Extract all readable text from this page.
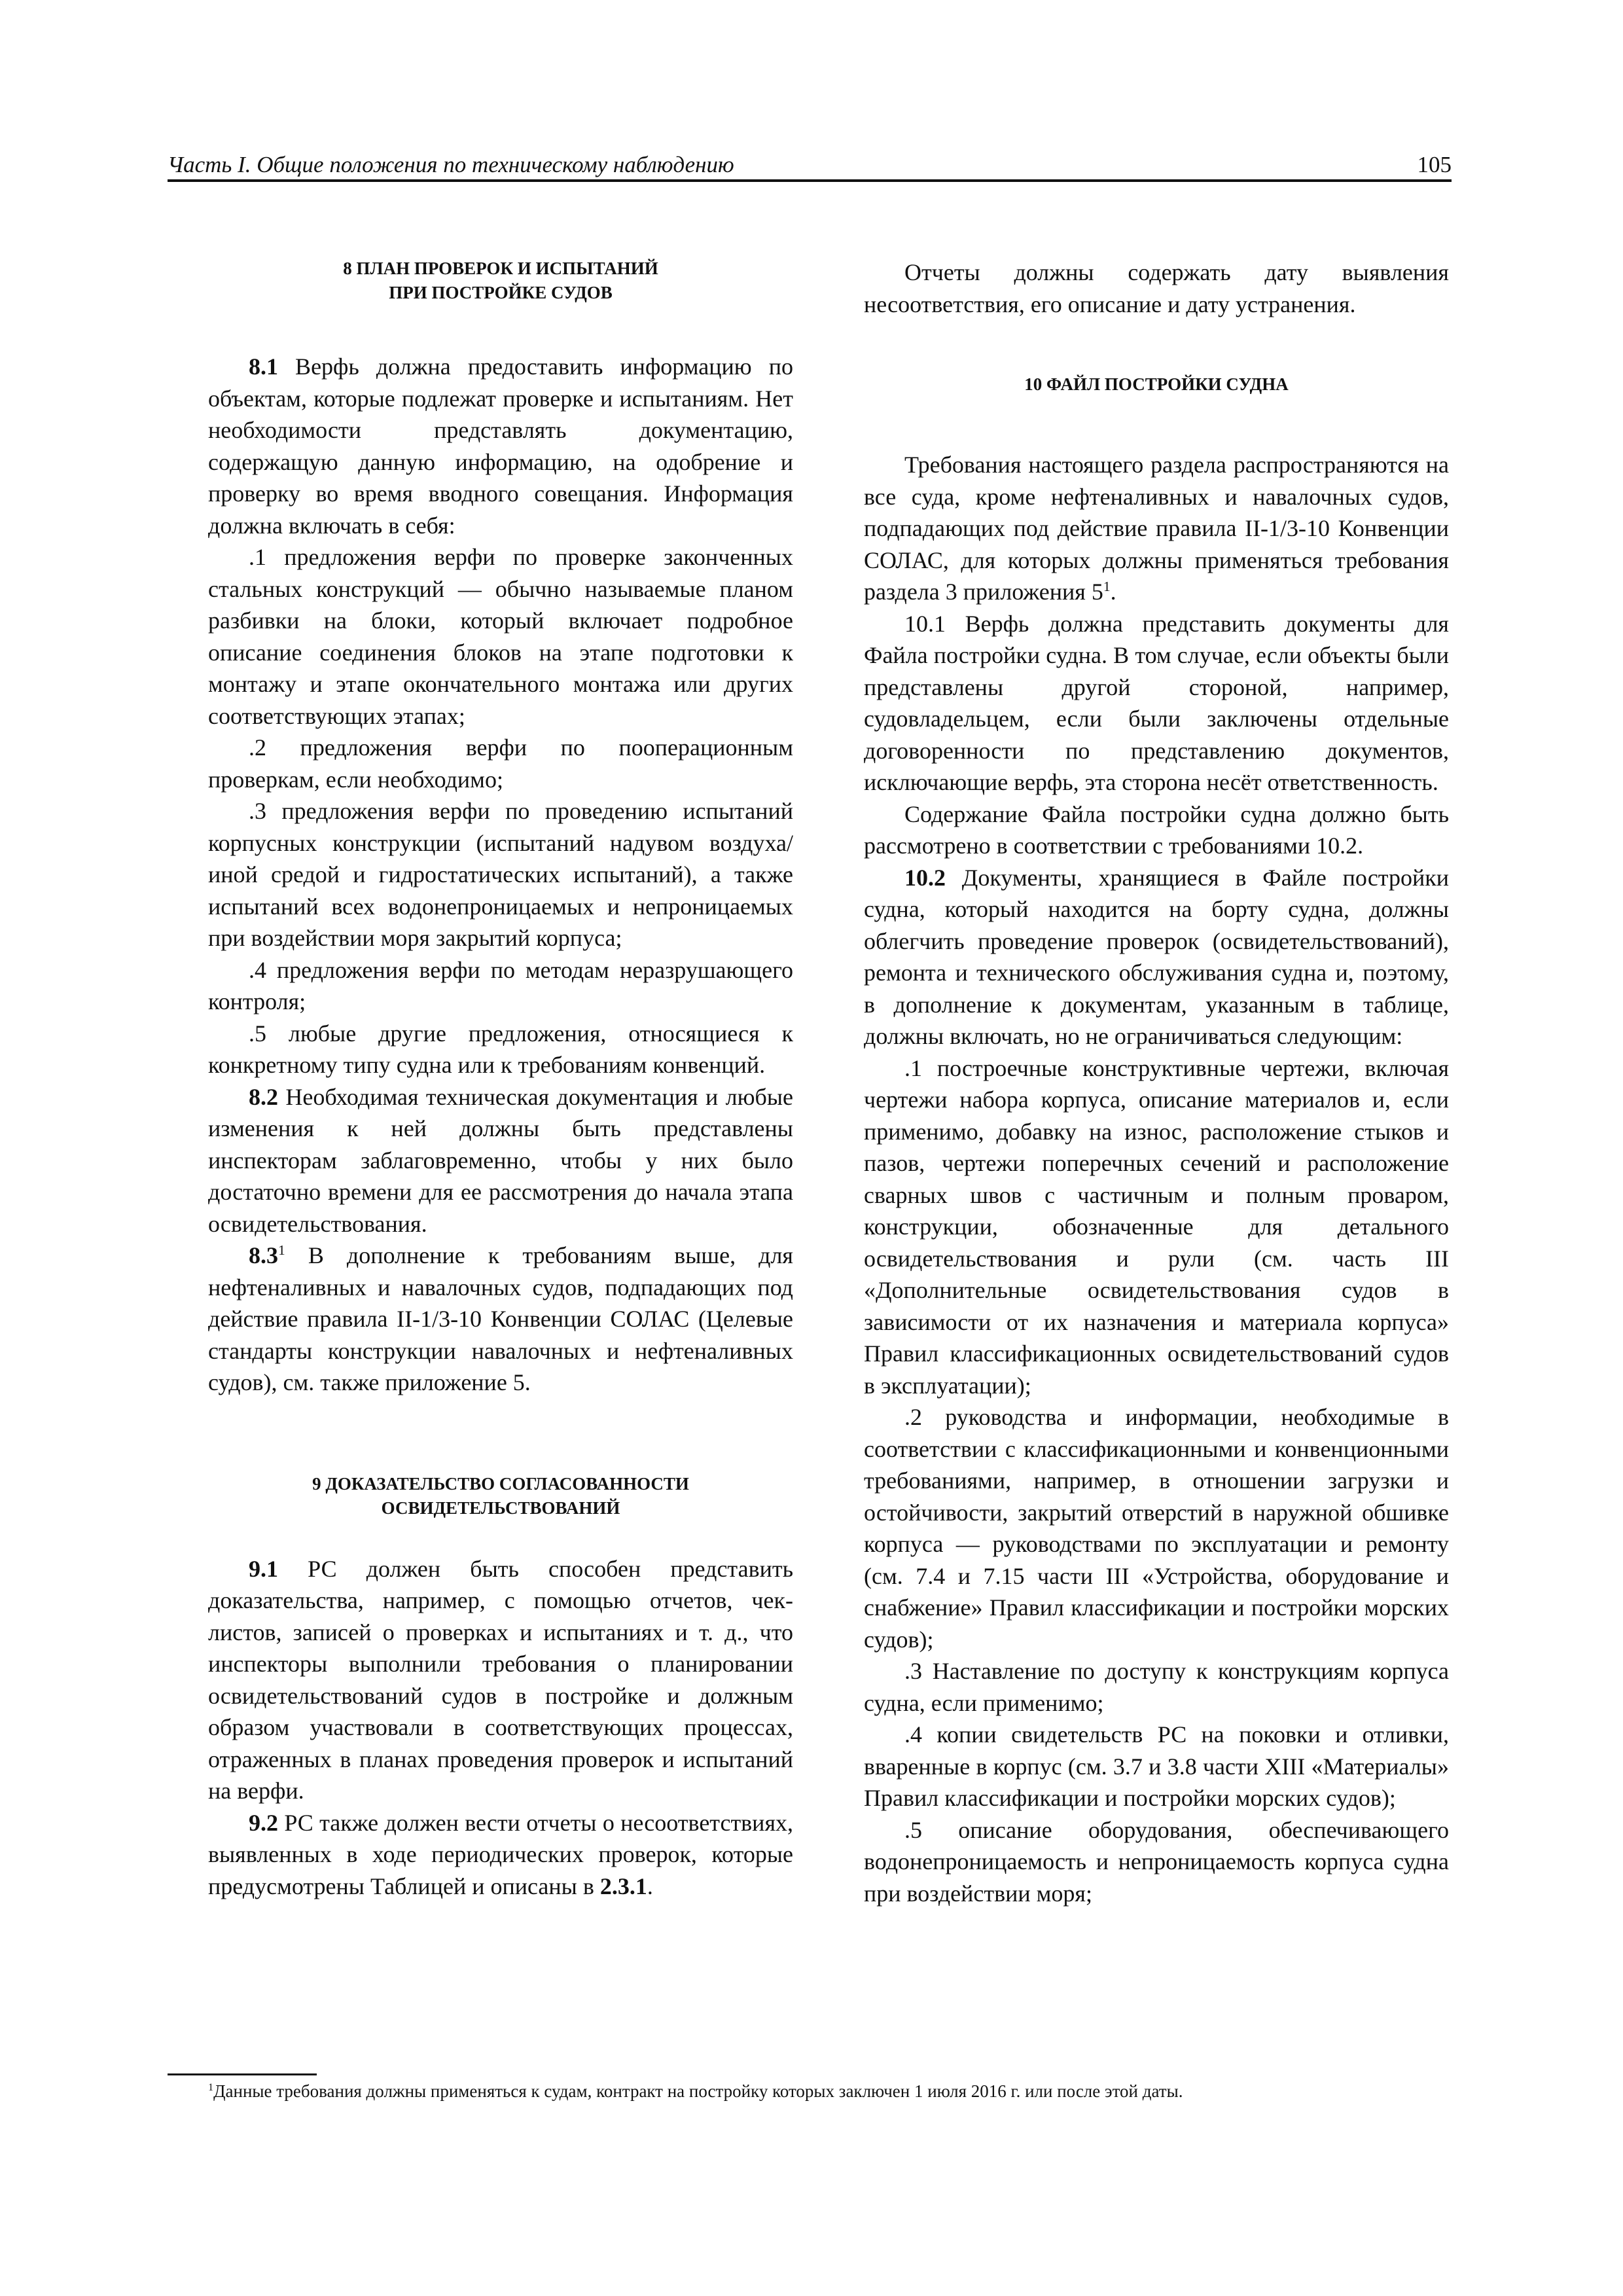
Часть I. Общие положения по техническому наблюдению	105
8 ПЛАН ПРОВЕРОК И ИСПЫТАНИЙ
ПРИ ПОСТРОЙКЕ СУДОВ

8.1 Верфь должна предоставить информацию по объектам, которые подлежат проверке и испытаниям. Нет необходимости представлять документацию, содержащую данную информацию, на одобрение и проверку во время вводного совещания. Информация должна включать в себя:

.1 предложения верфи по проверке законченных стальных конструкций — обычно называемые планом разбивки на блоки, который включает подробное описание соединения блоков на этапе подготовки к монтажу и этапе окончательного монтажа или других соответствующих этапах;

.2 предложения верфи по пооперационным проверкам, если необходимо;

.3 предложения верфи по проведению испытаний корпусных конструкции (испытаний надувом воздуха/иной средой и гидростатических испытаний), а также испытаний всех водонепроницаемых и непроницаемых при воздействии моря закрытий корпуса;

.4 предложения верфи по методам неразрушающего контроля;

.5 любые другие предложения, относящиеся к конкретному типу судна или к требованиям конвенций.

8.2 Необходимая техническая документация и любые изменения к ней должны быть представлены инспекторам заблаговременно, чтобы у них было достаточно времени для ее рассмотрения до начала этапа освидетельствования.

$8.3^1$ В дополнение к требованиям выше, для нефтеналивных и навалочных судов, подпадающих под действие правила II-1/3-10 Конвенции СОЛАС (Целевые стандарты конструкции навалочных и нефтеналивных судов), см. также приложение 5.

9 ДОКАЗАТЕЛЬСТВО СОГЛАСОВАННОСТИ
ОСВИДЕТЕЛЬСТВОВАНИЙ

9.1 РС должен быть способен представить доказательства, например, с помощью отчетов, чек-листов, записей о проверках и испытаниях и т. д., что инспекторы выполнили требования о планировании освидетельствований судов в постройке и должным образом участвовали в соответствующих процессах, отраженных в планах проведения проверок и испытаний на верфи.

9.2 РС также должен вести отчеты о несоответствиях, выявленных в ходе периодических проверок, которые предусмотрены Таблицей и описаны в 2.3.1.

Отчеты должны содержать дату выявления несоответствия, его описание и дату устранения.

10 ФАЙЛ ПОСТРОЙКИ СУДНА

Требования настоящего раздела распространяются на все суда, кроме нефтеналивных и навалочных судов, подпадающих под действие правила II-1/3-10 Конвенции СОЛАС, для которых должны применяться требования раздела 3 приложения $5^1$.

10.1 Верфь должна представить документы для Файла постройки судна. В том случае, если объекты были представлены другой стороной, например, судовладельцем, если были заключены отдельные договоренности по представлению документов, исключающие верфь, эта сторона несёт ответственность.

Содержание Файла постройки судна должно быть рассмотрено в соответствии с требованиями 10.2.

10.2 Документы, хранящиеся в Файле постройки судна, который находится на борту судна, должны облегчить проведение проверок (освидетельствований), ремонта и технического обслуживания судна и, поэтому, в дополнение к документам, указанным в таблице, должны включать, но не ограничиваться следующим:

.1 построечные конструктивные чертежи, включая чертежи набора корпуса, описание материалов и, если применимо, добавку на износ, расположение стыков и пазов, чертежи поперечных сечений и расположение сварных швов с частичным и полным проваром, конструкции, обозначенные для детального освидетельствования и рули (см. часть III «Дополнительные освидетельствования судов в зависимости от их назначения и материала корпуса» Правил классификационных освидетельствований судов в эксплуатации);

.2 руководства и информации, необходимые в соответствии с классификационными и конвенционными требованиями, например, в отношении загрузки и остойчивости, закрытий отверстий в наружной обшивке корпуса — руководствами по эксплуатации и ремонту (см. 7.4 и 7.15 части III «Устройства, оборудование и снабжение» Правил классификации и постройки морских судов);

.3 Наставление по доступу к конструкциям корпуса судна, если применимо;

.4 копии свидетельств РС на поковки и отливки, вваренные в корпус (см. 3.7 и 3.8 части XIII «Материалы» Правил классификации и постройки морских судов);

.5 описание оборудования, обеспечивающего водонепроницаемость и непроницаемость корпуса судна при воздействии моря;

$^1$Данные требования должны применяться к судам, контракт на постройку которых заключен 1 июля 2016 г. или после этой даты.
